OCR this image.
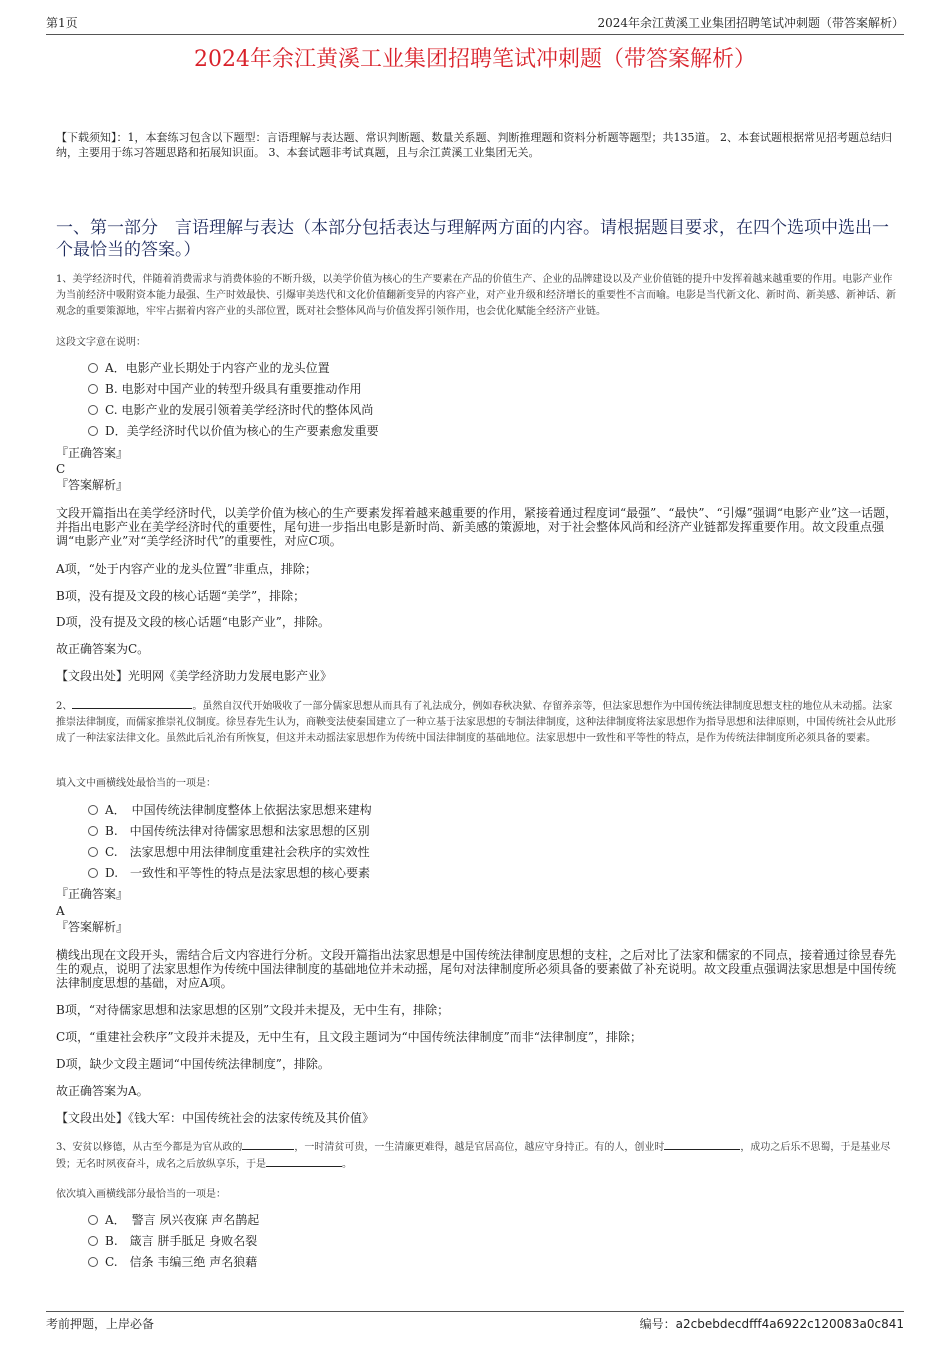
第1页	2024年余江黄溪工业集团招聘笔试冲刺题（带答案解析）
2024年余江黄溪工业集团招聘笔试冲刺题（带答案解析）
【下载须知】：1，本套练习包含以下题型：言语理解与表达题、常识判断题、数量关系题、判断推理题和资料分析题等题型；共135道。 2、本套试题根据常见招考题总结归纳，主要用于练习答题思路和拓展知识面。 3、本套试题非考试真题，且与余江黄溪工业集团无关。
一、第一部分　言语理解与表达（本部分包括表达与理解两方面的内容。请根据题目要求，在四个选项中选出一个最恰当的答案。）
1、美学经济时代，伴随着消费需求与消费体验的不断升级，以美学价值为核心的生产要素在产品的价值生产、企业的品牌建设以及产业价值链的提升中发挥着越来越重要的作用。电影产业作为当前经济中吸附资本能力最强、生产时效最快、引爆审美迭代和文化价值翻新变异的内容产业，对产业升级和经济增长的重要性不言而喻。电影是当代新文化、新时尚、新美感、新神话、新观念的重要策源地，牢牢占据着内容产业的头部位置，既对社会整体风尚与价值发挥引领作用，也会优化赋能全经济产业链。
这段文字意在说明：
A．电影产业长期处于内容产业的龙头位置
B. 电影对中国产业的转型升级具有重要推动作用
C. 电影产业的发展引领着美学经济时代的整体风尚
D．美学经济时代以价值为核心的生产要素愈发重要
『正确答案』
C
『答案解析』
文段开篇指出在美学经济时代，以美学价值为核心的生产要素发挥着越来越重要的作用，紧接着通过程度词“最强”、“最快”、“引爆”强调“电影产业”这一话题，并指出电影产业在美学经济时代的重要性，尾句进一步指出电影是新时尚、新美感的策源地，对于社会整体风尚和经济产业链都发挥重要作用。故文段重点强调“电影产业”对“美学经济时代”的重要性，对应C项。
A项，“处于内容产业的龙头位置”非重点，排除；
B项，没有提及文段的核心话题“美学”，排除；
D项，没有提及文段的核心话题“电影产业”，排除。
故正确答案为C。
【文段出处】光明网《美学经济助力发展电影产业》
2、	。虽然自汉代开始吸收了一部分儒家思想从而具有了礼法成分，例如春秋决狱、存留养亲等，但法家思想作为中国传统法律制度思想支柱的地位从未动摇。法家推崇法律制度，而儒家推崇礼仪制度。徐昱春先生认为，商鞅变法使秦国建立了一种立基于法家思想的专制法律制度，这种法律制度将法家思想作为指导思想和法律原则，中国传统社会从此形成了一种法家法律文化。虽然此后礼治有所恢复，但这并未动摇法家思想作为传统中国法律制度的基础地位。法家思想中一致性和平等性的特点，是作为传统法律制度所必须具备的要素。
填入文中画横线处最恰当的一项是：
A．　中国传统法律制度整体上依据法家思想来建构
B.　中国传统法律对待儒家思想和法家思想的区别
C.　法家思想中用法律制度重建社会秩序的实效性
D.　一致性和平等性的特点是法家思想的核心要素
『正确答案』
A
『答案解析』
横线出现在文段开头，需结合后文内容进行分析。文段开篇指出法家思想是中国传统法律制度思想的支柱，之后对比了法家和儒家的不同点，接着通过徐昱春先生的观点，说明了法家思想作为传统中国法律制度的基础地位并未动摇，尾句对法律制度所必须具备的要素做了补充说明。故文段重点强调法家思想是中国传统法律制度思想的基础，对应A项。
B项，“对待儒家思想和法家思想的区别”文段并未提及，无中生有，排除；
C项，“重建社会秩序”文段并未提及，无中生有，且文段主题词为“中国传统法律制度”而非“法律制度”，排除；
D项，缺少文段主题词“中国传统法律制度”，排除。
故正确答案为A。
【文段出处】《钱大军：中国传统社会的法家传统及其价值》
3、安贫以修德，从古至今都是为官从政的	，一时清贫可贵，一生清廉更难得，越是官居高位，越应守身持正。有的人，创业时	，成功之后乐不思蜀，于是基业尽毁；无名时夙夜奋斗，成名之后放纵享乐，于是	。
依次填入画横线部分最恰当的一项是：
A．　警言 夙兴夜寐 声名鹊起
B.　箴言 胼手胝足 身败名裂
C.　信条 韦编三绝 声名狼藉
考前押题，上岸必备	编号：a2cbebdecdfff4a6922c120083a0c841
